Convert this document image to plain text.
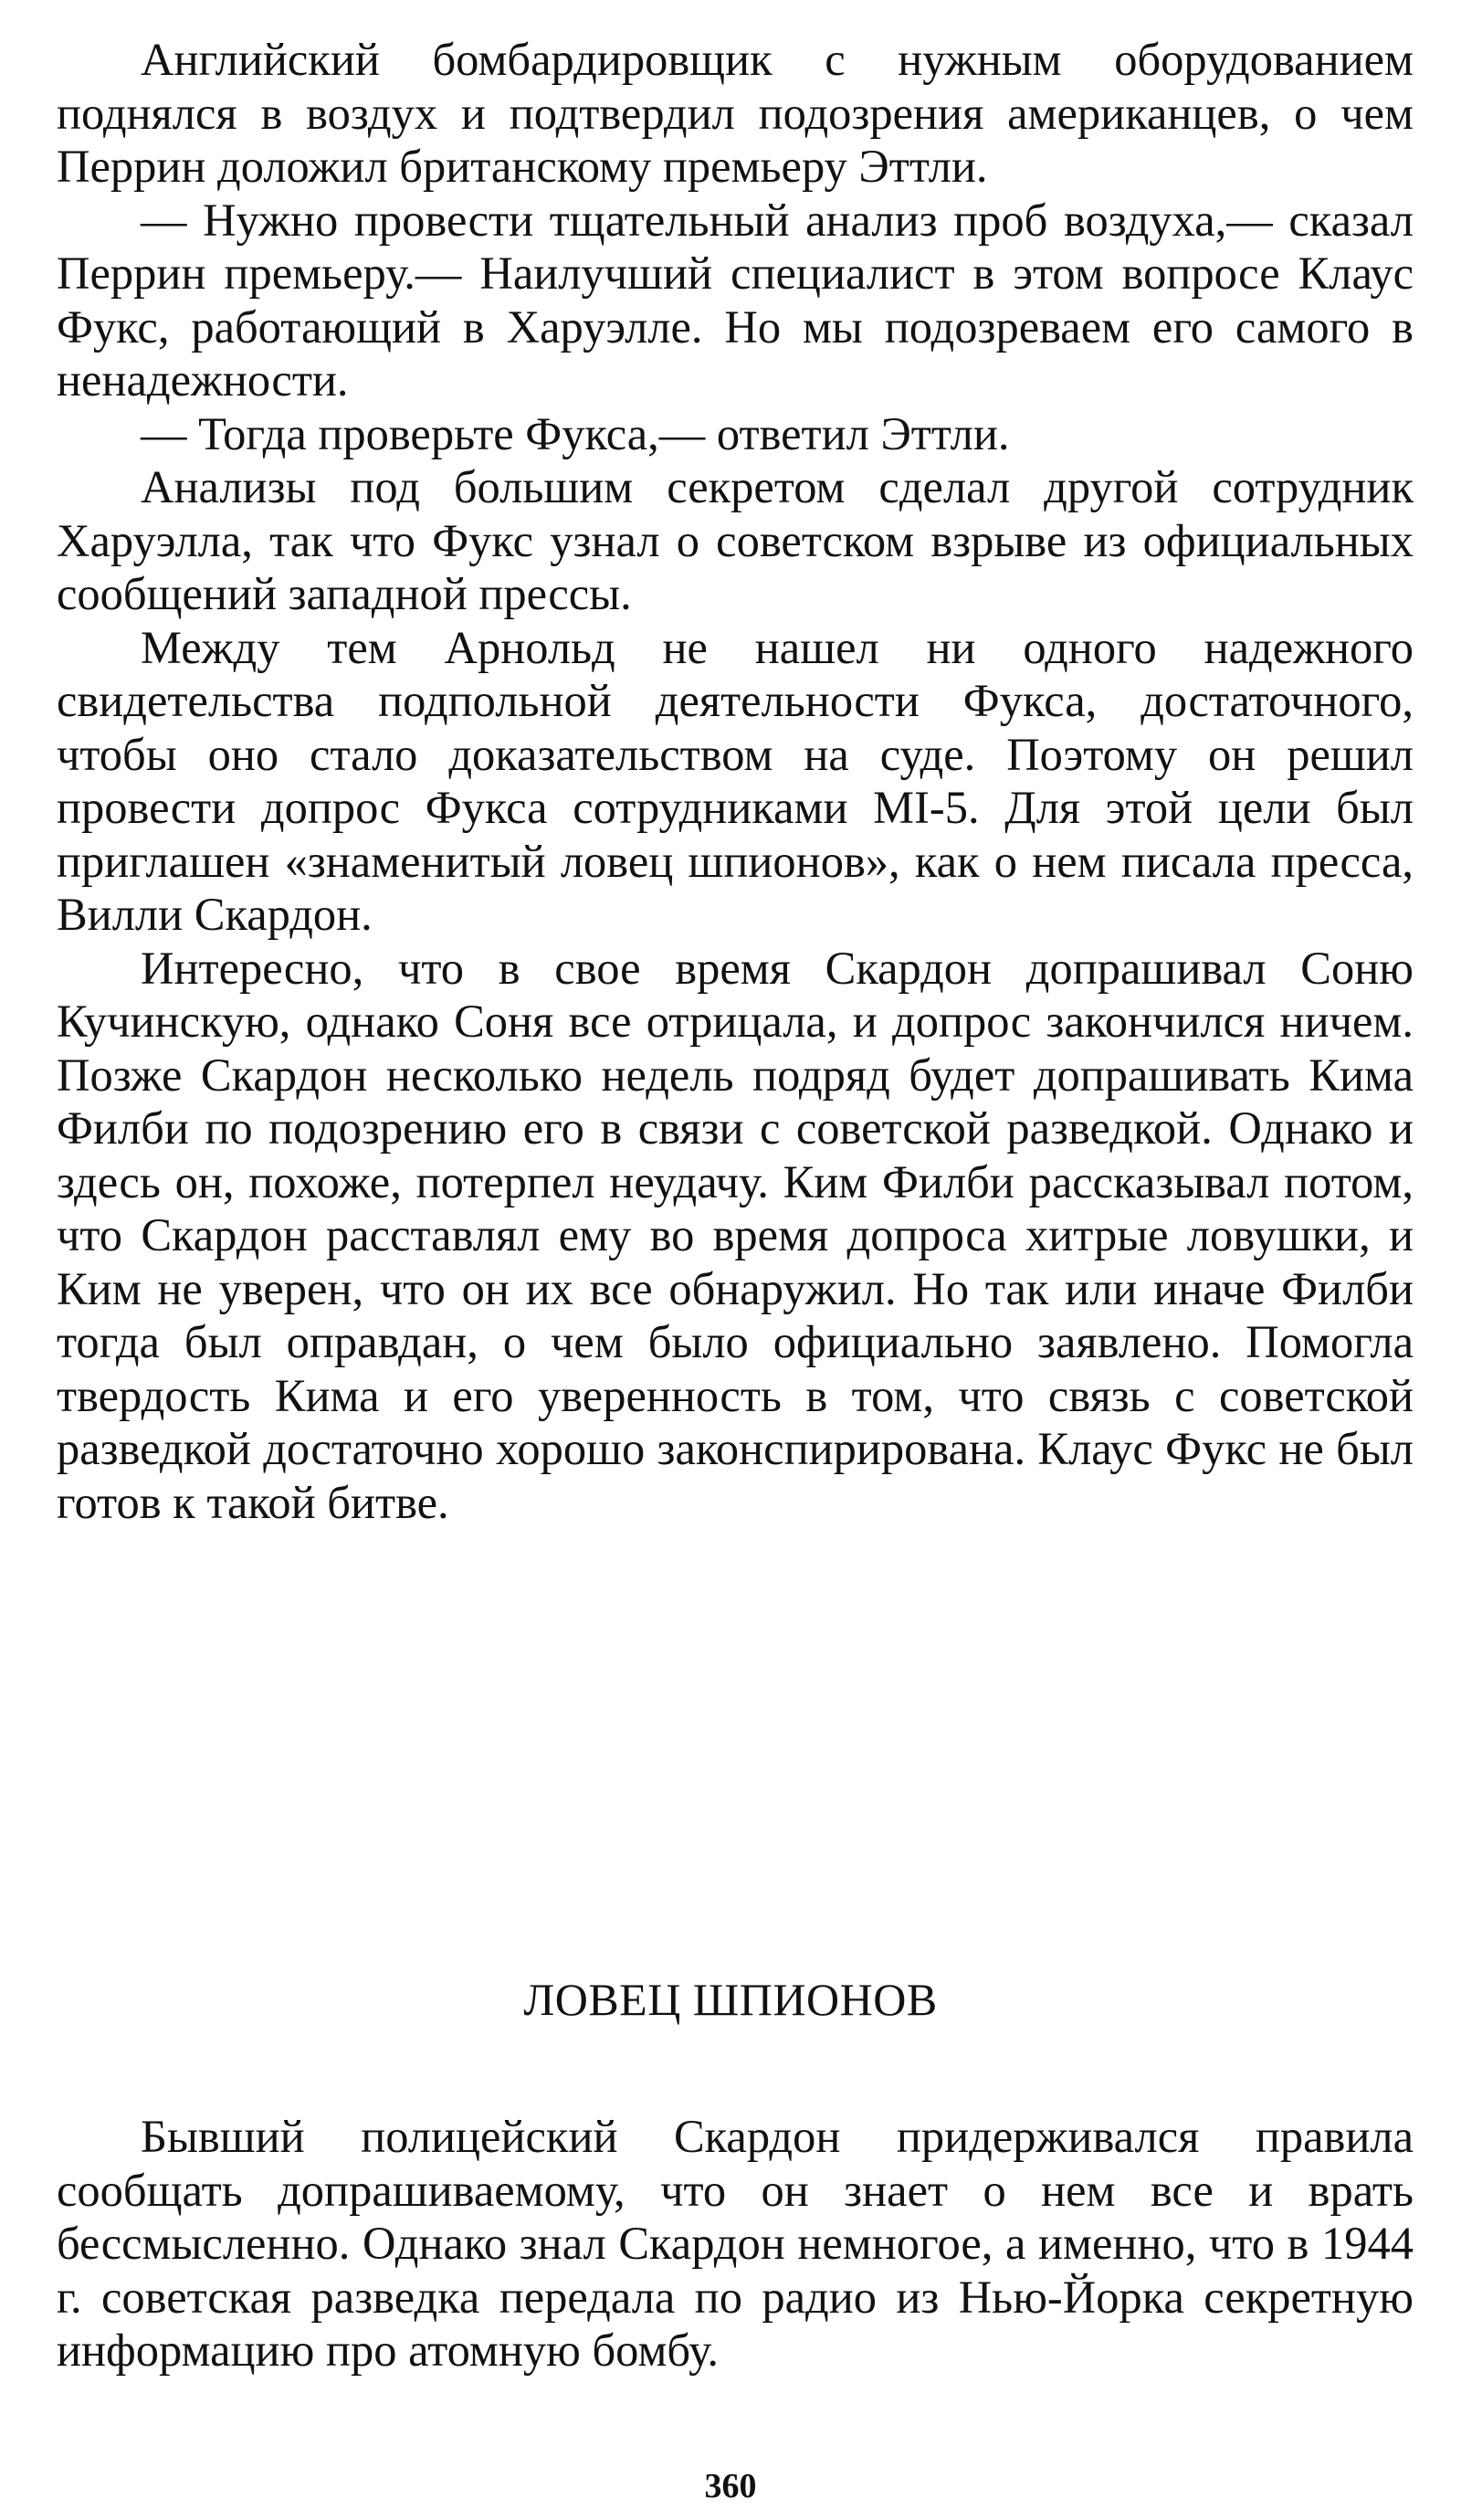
Английский бомбардировщик с нужным оборудованием поднялся в воздух и подтвердил подозрения американцев, о чем Перрин доложил британскому премьеру Эттли.

— Нужно провести тщательный анализ проб воздуха,— сказал Перрин премьеру.— Наилучший специалист в этом вопросе Клаус Фукс, работающий в Харуэлле. Но мы подозреваем его самого в ненадежности.

— Тогда проверьте Фукса,— ответил Эттли.

Анализы под большим секретом сделал другой сотрудник Харуэлла, так что Фукс узнал о советском взрыве из официальных сообщений западной прессы.

Между тем Арнольд не нашел ни одного надежного свидетельства подпольной деятельности Фукса, достаточного, чтобы оно стало доказательством на суде. Поэтому он решил провести допрос Фукса сотрудниками MI-5. Для этой цели был приглашен «знаменитый ловец шпионов», как о нем писала пресса, Вилли Скардон.

Интересно, что в свое время Скардон допрашивал Соню Кучинскую, однако Соня все отрицала, и допрос закончился ничем. Позже Скардон несколько недель подряд будет допрашивать Кима Филби по подозрению его в связи с советской разведкой. Однако и здесь он, похоже, потерпел неудачу. Ким Филби рассказывал потом, что Скардон расставлял ему во время допроса хитрые ловушки, и Ким не уверен, что он их все обнаружил. Но так или иначе Филби тогда был оправдан, о чем было официально заявлено. Помогла твердость Кима и его уверенность в том, что связь с советской разведкой достаточно хорошо законспирирована. Клаус Фукс не был готов к такой битве.

ЛОВЕЦ ШПИОНОВ

Бывший полицейский Скардон придерживался правила сообщать допрашиваемому, что он знает о нем все и врать бессмысленно. Однако знал Скардон немногое, а именно, что в 1944 г. советская разведка передала по радио из Нью-Йорка секретную информацию про атомную бомбу.

360
